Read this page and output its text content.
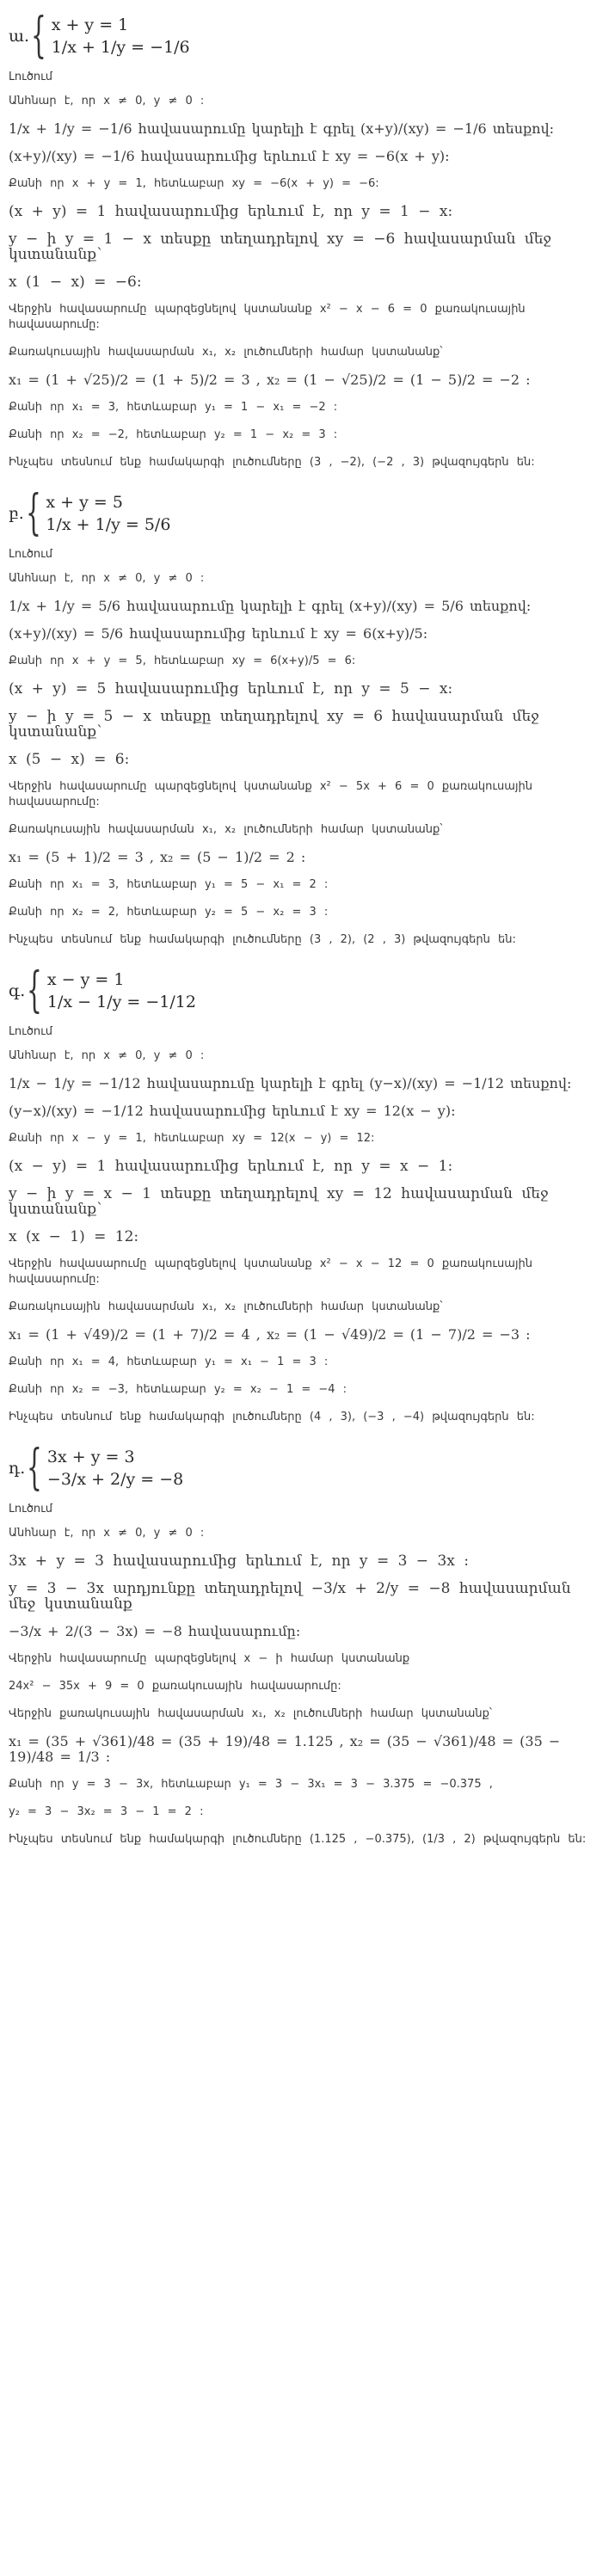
ա. { x + y = 1
1/x + 1/y = −1/6
Լուծում
Անհնար է, որ x ≠ 0, y ≠ 0 :
1/x + 1/y = −1/6 հավասարումը կարելի է գրել (x+y)/(xy) = −1/6 տեսքով:
(x+y)/(xy) = −1/6 հավասարումից երևում է xy = −6(x + y):
Քանի որ x + y = 1, հետևաբար xy = −6(x + y) = −6:
(x + y) = 1 հավասարումից երևում է, որ y = 1 − x:
y − ի y = 1 − x տեսքը տեղադրելով xy = −6 հավասարման մեջ կստանանք՝
x (1 − x) = −6:
Վերջին հավասարումը պարզեցնելով կստանանք x² − x − 6 = 0 քառակուսային հավասարումը:
Քառակուսային հավասարման x₁, x₂ լուծումների համար կստանանք՝
x₁ = (1 + √25)/2 = (1 + 5)/2 = 3 , x₂ = (1 − √25)/2 = (1 − 5)/2 = −2 :
Քանի որ x₁ = 3, հետևաբար y₁ = 1 − x₁ = −2 :
Քանի որ x₂ = −2, հետևաբար y₂ = 1 − x₂ = 3 :
Ինչպես տեսնում ենք համակարգի լուծումները (3 , −2), (−2 , 3) թվազույգերն են:
բ. { x + y = 5
1/x + 1/y = 5/6
Լուծում
Անհնար է, որ x ≠ 0, y ≠ 0 :
1/x + 1/y = 5/6 հավասարումը կարելի է գրել (x+y)/(xy) = 5/6 տեսքով:
(x+y)/(xy) = 5/6 հավասարումից երևում է xy = 6(x+y)/5:
Քանի որ x + y = 5, հետևաբար xy = 6(x+y)/5 = 6:
(x + y) = 5 հավասարումից երևում է, որ y = 5 − x:
y − ի y = 5 − x տեսքը տեղադրելով xy = 6 հավասարման մեջ կստանանք՝
x (5 − x) = 6:
Վերջին հավասարումը պարզեցնելով կստանանք x² − 5x + 6 = 0 քառակուսային հավասարումը:
Քառակուսային հավասարման x₁, x₂ լուծումների համար կստանանք՝
x₁ = (5 + 1)/2 = 3 , x₂ = (5 − 1)/2 = 2 :
Քանի որ x₁ = 3, հետևաբար y₁ = 5 − x₁ = 2 :
Քանի որ x₂ = 2, հետևաբար y₂ = 5 − x₂ = 3 :
Ինչպես տեսնում ենք համակարգի լուծումները (3 , 2), (2 , 3) թվազույգերն են:
գ. { x − y = 1
1/x − 1/y = −1/12
Լուծում
Անհնար է, որ x ≠ 0, y ≠ 0 :
1/x − 1/y = −1/12 հավասարումը կարելի է գրել (y−x)/(xy) = −1/12 տեսքով:
(y−x)/(xy) = −1/12 հավասարումից երևում է xy = 12(x − y):
Քանի որ x − y = 1, հետևաբար xy = 12(x − y) = 12:
(x − y) = 1 հավասարումից երևում է, որ y = x − 1:
y − ի y = x − 1 տեսքը տեղադրելով xy = 12 հավասարման մեջ կստանանք՝
x (x − 1) = 12:
Վերջին հավասարումը պարզեցնելով կստանանք x² − x − 12 = 0 քառակուսային հավասարումը:
Քառակուսային հավասարման x₁, x₂ լուծումների համար կստանանք՝
x₁ = (1 + √49)/2 = (1 + 7)/2 = 4 , x₂ = (1 − √49)/2 = (1 − 7)/2 = −3 :
Քանի որ x₁ = 4, հետևաբար y₁ = x₁ − 1 = 3 :
Քանի որ x₂ = −3, հետևաբար y₂ = x₂ − 1 = −4 :
Ինչպես տեսնում ենք համակարգի լուծումները (4 , 3), (−3 , −4) թվազույգերն են:
դ. { 3x + y = 3
−3/x + 2/y = −8
Լուծում
Անհնար է, որ x ≠ 0, y ≠ 0 :
3x + y = 3 հավասարումից երևում է, որ y = 3 − 3x :
y = 3 − 3x արդյունքը տեղադրելով −3/x + 2/y = −8 հավասարման մեջ կստանանք
−3/x + 2/(3 − 3x) = −8 հավասարումը:
Վերջին հավասարումը պարզեցնելով x − ի համար կստանանք
24x² − 35x + 9 = 0 քառակուսային հավասարումը:
Վերջին քառակուսային հավասարման x₁, x₂ լուծումների համար կստանանք՝
x₁ = (35 + √361)/48 = (35 + 19)/48 = 1.125 , x₂ = (35 − √361)/48 = (35 − 19)/48 = 1/3 :
Քանի որ y = 3 − 3x, հետևաբար y₁ = 3 − 3x₁ = 3 − 3.375 = −0.375 ,
y₂ = 3 − 3x₂ = 3 − 1 = 2 :
Ինչպես տեսնում ենք համակարգի լուծումները (1.125 , −0.375), (1/3 , 2) թվազույգերն են:
